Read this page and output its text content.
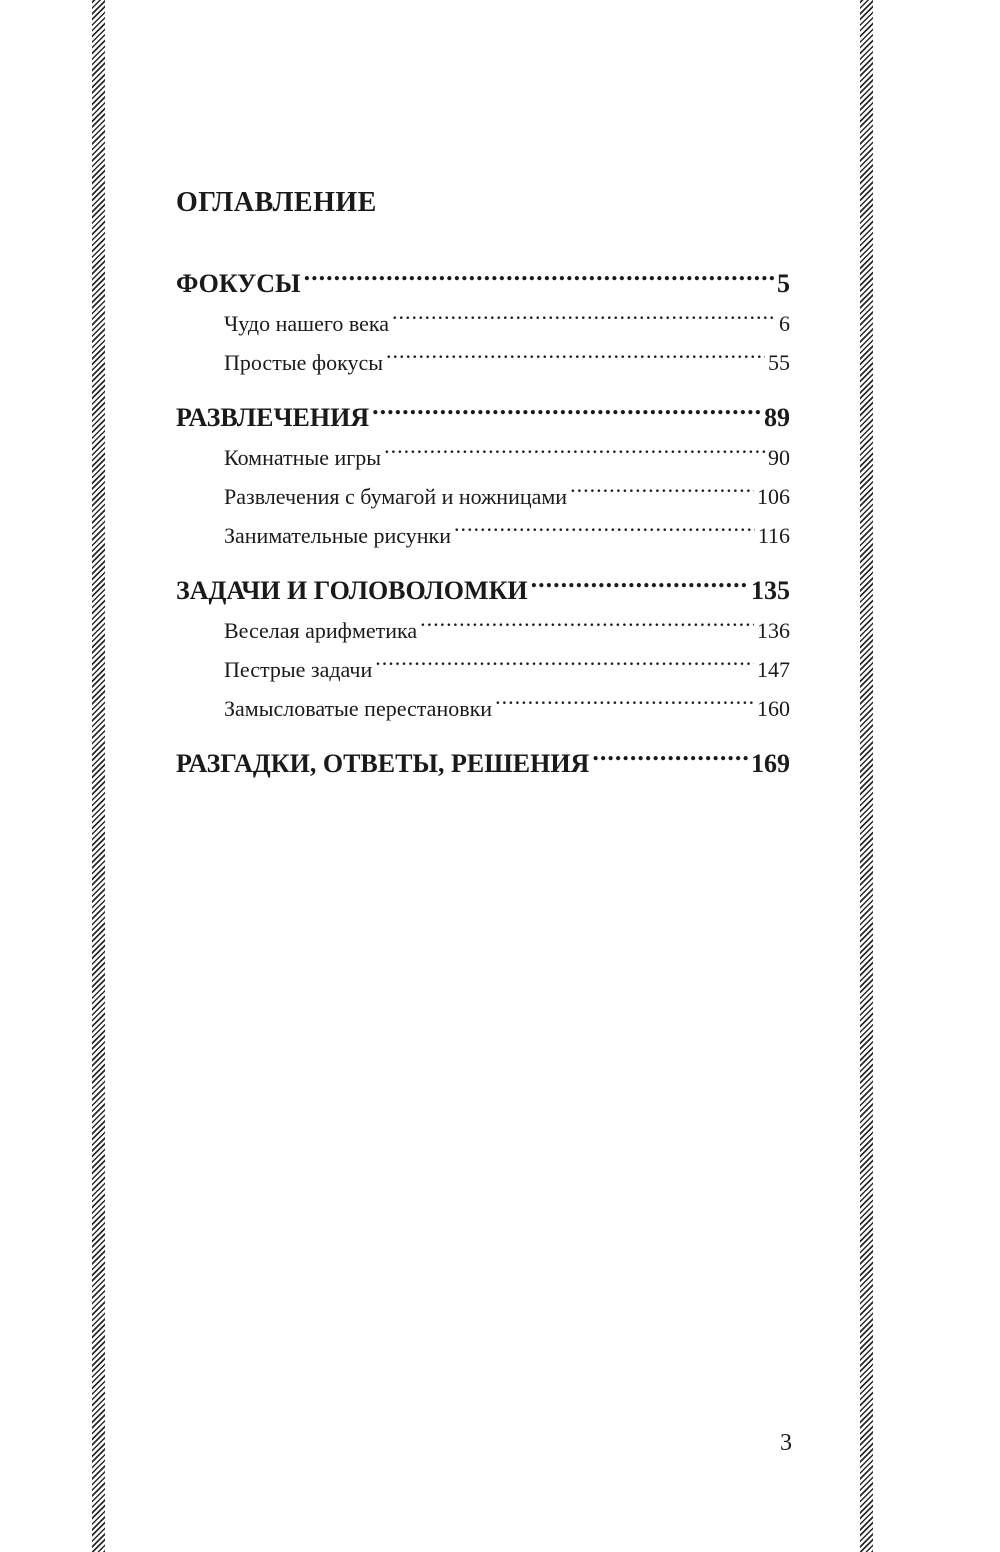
ОГЛАВЛЕНИЕ
ФОКУСЫ .....	5
Чудо нашего века .....	6
Простые фокусы .....	55
РАЗВЛЕЧЕНИЯ .....	89
Комнатные игры .....	90
Развлечения с бумагой и ножницами .....	106
Занимательные рисунки .....	116
ЗАДАЧИ И ГОЛОВОЛОМКИ .....	135
Веселая арифметика .....	136
Пестрые задачи .....	147
Замысловатые перестановки .....	160
РАЗГАДКИ, ОТВЕТЫ, РЕШЕНИЯ .....	169
3
